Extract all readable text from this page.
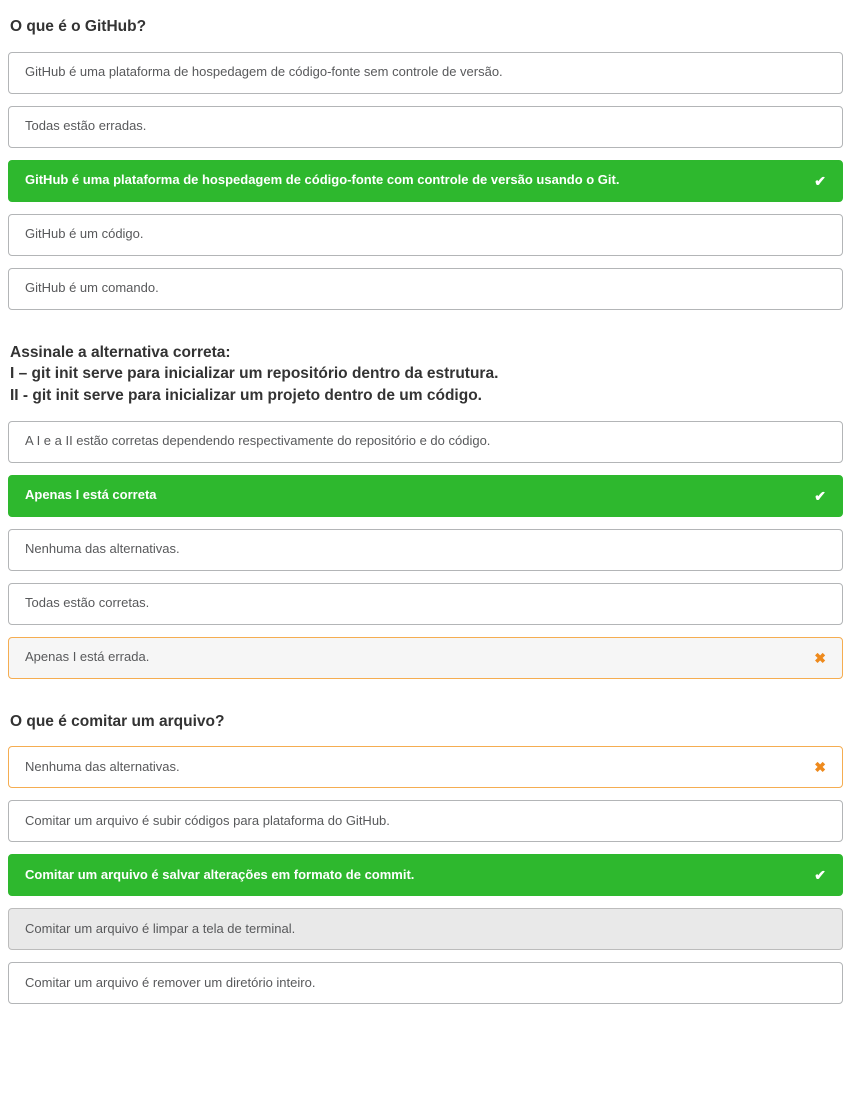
O que é o GitHub?
GitHub é uma plataforma de hospedagem de código-fonte sem controle de versão.
Todas estão erradas.
GitHub é uma plataforma de hospedagem de código-fonte com controle de versão usando o Git.	✔
GitHub é um código.
GitHub é um comando.
Assinale a alternativa correta:
I – git init serve para inicializar um repositório dentro da estrutura.
II - git init serve para inicializar um projeto dentro de um código.
A I e a II estão corretas dependendo respectivamente do repositório e do código.
Apenas I está correta	✔
Nenhuma das alternativas.
Todas estão corretas.
Apenas I está errada.	✖
O que é comitar um arquivo?
Nenhuma das alternativas.	✖
Comitar um arquivo é subir códigos para plataforma do GitHub.
Comitar um arquivo é salvar alterações em formato de commit.	✔
Comitar um arquivo é limpar a tela de terminal.
Comitar um arquivo é remover um diretório inteiro.
